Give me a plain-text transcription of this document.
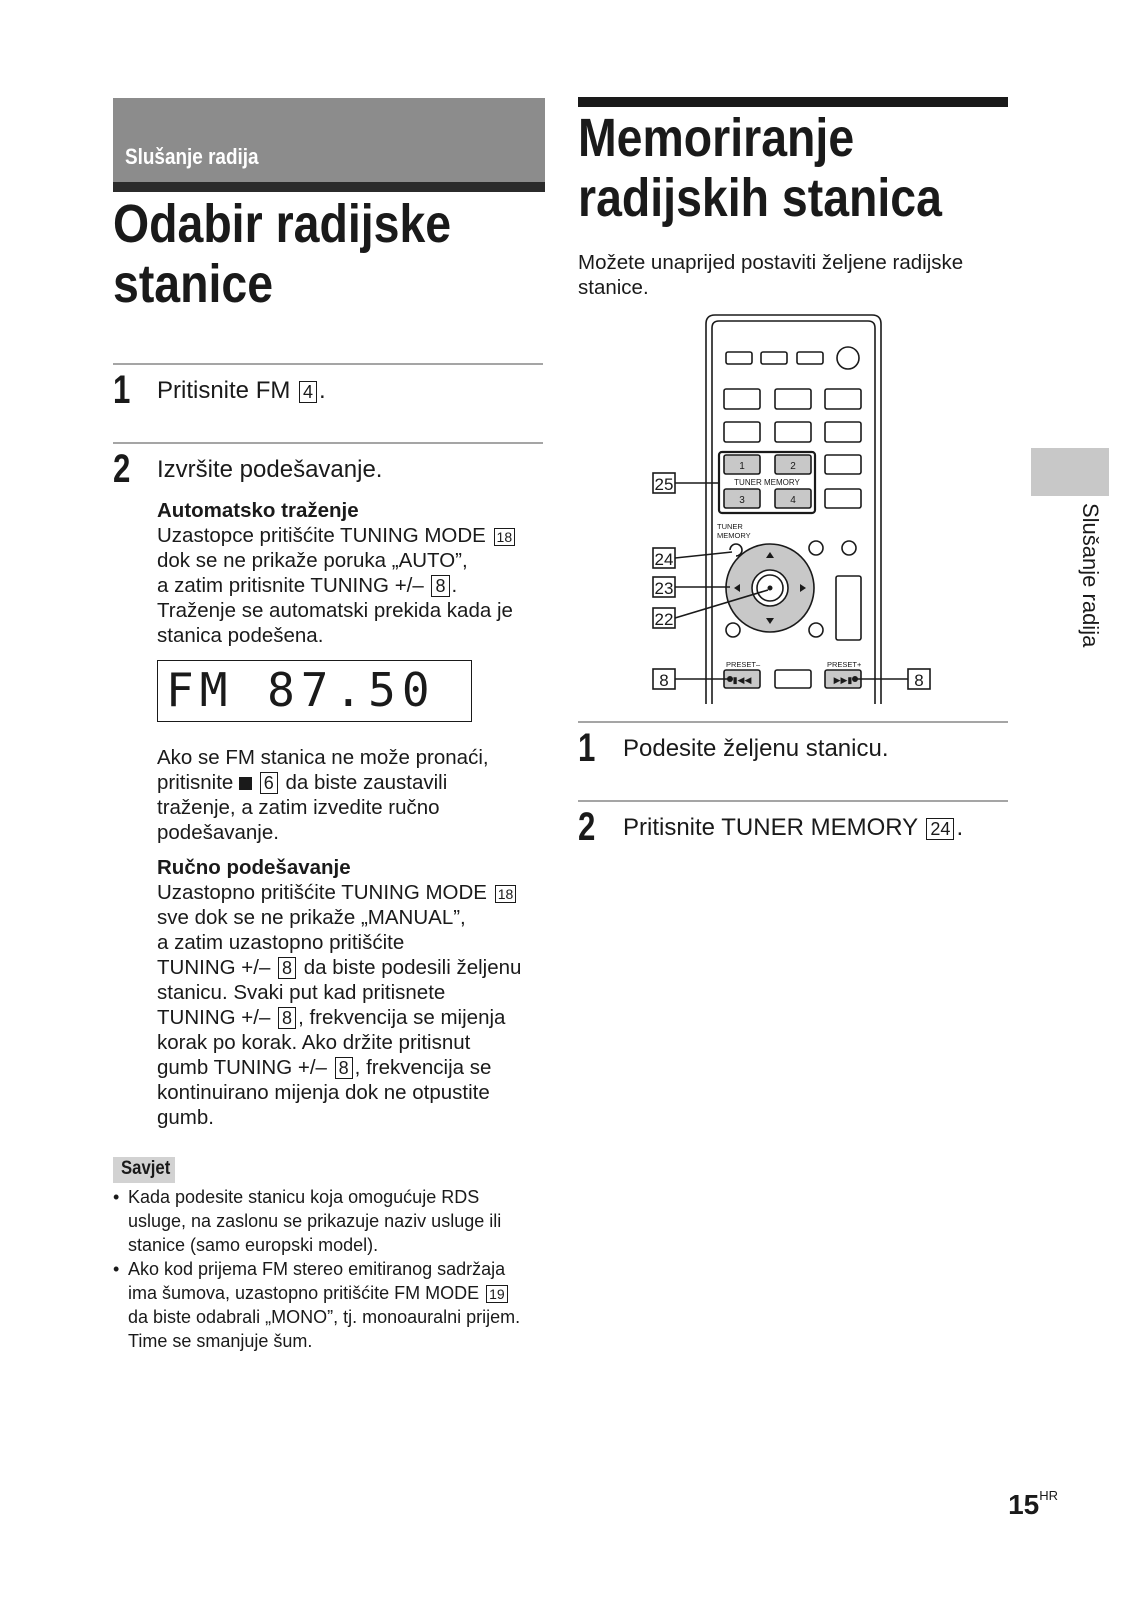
Slušanje radija
Odabir radijske
stanice
1 Pritisnite FM 4 .
2 Izvršite podešavanje.
Automatsko traženje
Uzastopce pritišćite TUNING MODE 18
dok se ne prikaže poruka „AUTO”,
a zatim pritisnite TUNING +/– 8 .
Traženje se automatski prekida kada je
stanica podešena.
FM 87.50
Ako se FM stanica ne može pronaći,
pritisnite 6 da biste zaustavili
traženje, a zatim izvedite ručno
podešavanje.
Ručno podešavanje
Uzastopno pritišćite TUNING MODE 18
sve dok se ne prikaže „MANUAL”,
a zatim uzastopno pritišćite
TUNING +/– 8 da biste podesili željenu
stanicu. Svaki put kad pritisnete
TUNING +/– 8 , frekvencija se mijenja
korak po korak. Ako držite pritisnut
gumb TUNING +/– 8 , frekvencija se
kontinuirano mijenja dok ne otpustite
gumb.
Savjet
• Kada podesite stanicu koja omogućuje RDS
usluge, na zaslonu se prikazuje naziv usluge ili
stanice (samo europski model).
• Ako kod prijema FM stereo emitiranog sadržaja
ima šumova, uzastopno pritišćite FM MODE 19
da biste odabrali „MONO”, tj. monoauralni prijem.
Time se smanjuje šum.
Memoriranje
radijskih stanica
Možete unaprijed postaviti željene radijske
stanice.
1	2
TUNER MEMORY
3	4
TUNER
MEMORY
PRESET–	PRESET+
25
24
23
22
8	8
▮◀◀	▶▶▮
1 Podesite željenu stanicu.
2 Pritisnite TUNER MEMORY 24 .
Slušanje radija
$15^{HR}$
